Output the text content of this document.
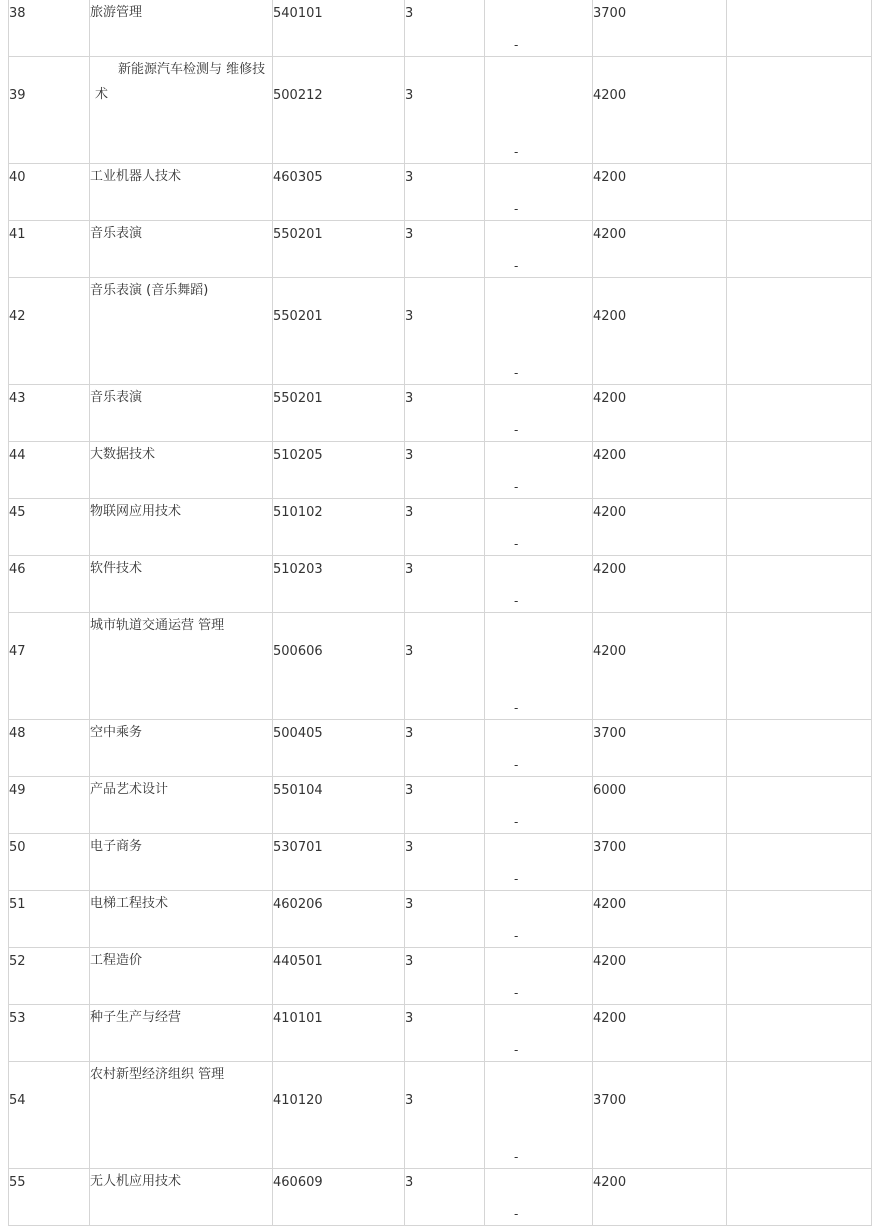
38	旅游管理	540101	3	-	3700	
39	新能源汽车检测与 维修技术	500212	3	-	4200	
40	工业机器人技术	460305	3	-	4200	
41	音乐表演	550201	3	-	4200	
42	音乐表演 (音乐舞蹈)	550201	3	-	4200	
43	音乐表演	550201	3	-	4200	
44	大数据技术	510205	3	-	4200	
45	物联网应用技术	510102	3	-	4200	
46	软件技术	510203	3	-	4200	
47	城市轨道交通运营 管理	500606	3	-	4200	
48	空中乘务	500405	3	-	3700	
49	产品艺术设计	550104	3	-	6000	
50	电子商务	530701	3	-	3700	
51	电梯工程技术	460206	3	-	4200	
52	工程造价	440501	3	-	4200	
53	种子生产与经营	410101	3	-	4200	
54	农村新型经济组织 管理	410120	3	-	3700	
55	无人机应用技术	460609	3	-	4200	
